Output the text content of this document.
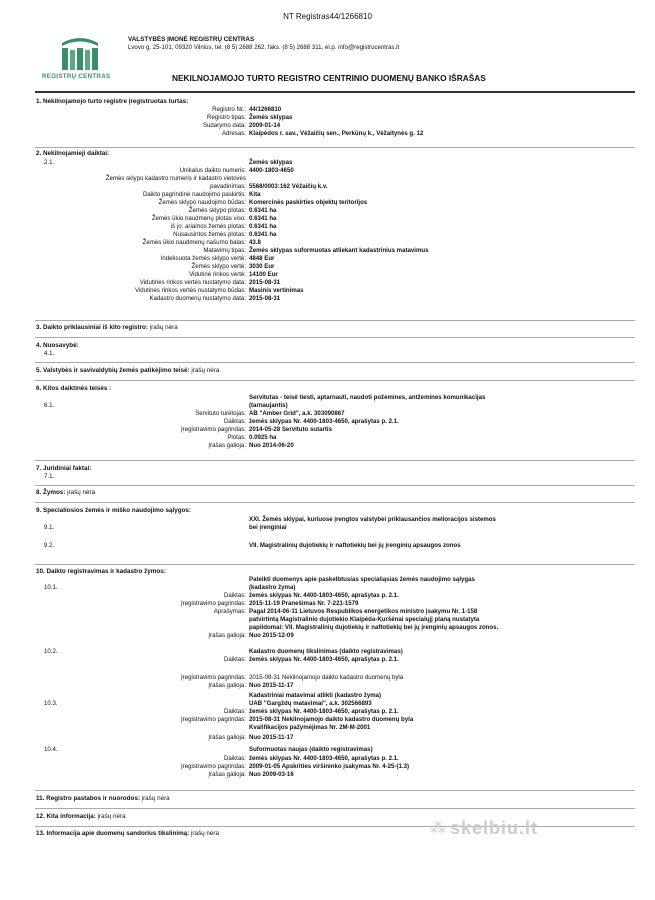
NT Registras44/1266810
REGISTRŲ CENTRAS
VALSTYBĖS ĮMONĖ REGISTRŲ CENTRAS
Lvovo g. 25-101, 09320 Vilnius, tel. (8 5) 2688 262, faks. (8 5) 2688 311, el.p. info@registrucentras.lt
NEKILNOJAMOJO TURTO REGISTRO CENTRINIO DUOMENŲ BANKO IŠRAŠAS
1. Nekilnojamojo turto registre įregistruotas turtas:
Registro Nr.: 44/1266810
Registro tipas: Žemės sklypas
Sudarymo data: 2009-01-14
Adresas: Klaipėdos r. sav., Vėžaičių sen., Perkūnų k., Vėžaitynės g. 12
2. Nekilnojamieji daiktai:
2.1.	Žemės sklypas
Unikalus daikto numeris: 4400-1803-4650
Žemės sklypo kadastro numeris ir kadastro vietovės
pavadinimas: 5568/0003:162 Vėžaičių k.v.
Daikto pagrindinė naudojimo paskirtis: Kita
Žemės sklypo naudojimo būdas: Komercinės paskirties objektų teritorijos
Žemės sklypo plotas: 0.6341 ha
Žemės ūkio naudmenų plotas viso: 0.6341 ha
iš jo: ariamos žemės plotas: 0.6341 ha
Nusausintos žemės plotas: 0.6341 ha
Žemės ūkio naudmenų našumo balas: 43.8
Matavimų tipas: Žemės sklypas suformuotas atliekant kadastrinius matavimus
Indeksuota žemės sklypo vertė: 4848 Eur
Žemės sklypo vertė: 3030 Eur
Vidutinė rinkos vertė: 14100 Eur
Vidutinės rinkos vertės nustatymo data: 2015-08-31
Vidutinės rinkos vertės nustatymo būdas: Masinis vertinimas
Kadastro duomenų nustatymo data: 2015-08-31
3. Daikto priklausiniai iš kito registro: įrašų nėra
4. Nuosavybė:
4.1.
5. Valstybės ir savivaldybių žemės patikėjimo teisė: įrašų nėra
6. Kitos daiktinės teisės :
Servitutas - teisė tiesti, aptarnauti, naudoti požemines, antžemines komunikacijas
6.1.	(tarnaujantis)
Servituto turėtojas: AB "Amber Grid", a.k. 303090867
Daiktas: žemės sklypas Nr. 4400-1803-4650, aprašytas p. 2.1.
Įregistravimo pagrindas: 2014-05-28 Servituto sutartis
Plotas: 0.0925 ha
Įrašas galioja: Nuo 2014-06-20
7. Juridiniai faktai:
7.1.
8. Žymos: įrašų nėra
9. Specialiosios žemės ir miško naudojimo sąlygos:
XXI. Žemės sklypai, kuriuose įrengtos valstybei priklausančios melioracijos sistemos
9.1.	bei įrenginiai
9.2.	VII. Magistralinių dujotiekių ir naftotiekių bei jų įrenginių apsaugos zonos
10. Daikto registravimas ir kadastro žymos:
Pateikti duomenys apie paskelbtusias specialiąsias žemės naudojimo sąlygas
10.1.	(kadastro žyma)
Daiktas: žemės sklypas Nr. 4400-1803-4650, aprašytas p. 2.1.
Įregistravimo pagrindas: 2015-11-19 Pranešimas Nr. 7-221-1579
Aprašymas: Pagal 2014-06-11 Lietuvos Respublikos energetikos ministro įsakymu Nr. 1-158
patvirtintą Magistralinio dujotiekio Klaipėda-Kuršėnai specialųjį planą nustatyta
papildomai: VII. Magistralinių dujotiekių ir naftotiekių bei jų įrenginių apsaugos zonos.
Įrašas galioja: Nuo 2015-12-09
10.2.	Kadastro duomenų tikslinimas (daikto registravimas)
Daiktas: žemės sklypas Nr. 4400-1803-4650, aprašytas p. 2.1.
Įregistravimo pagrindas: 2015-08-31 Nekilnojamojo daikto kadastro duomenų byla
Įrašas galioja: Nuo 2015-11-17
Kadastriniai matavimai atlikti (kadastro žyma)
10.3.	UAB "Gargždų matavimai", a.k. 302566893
Daiktas: žemės sklypas Nr. 4400-1803-4650, aprašytas p. 2.1.
Įregistravimo pagrindas: 2015-08-31 Nekilnojamojo daikto kadastro duomenų byla
Kvalifikacijos pažymėjimas Nr. 2M-M-2001
Įrašas galioja: Nuo 2015-11-17
10.4.	Suformuotas naujas (daikto registravimas)
Daiktas: žemės sklypas Nr. 4400-1803-4650, aprašytas p. 2.1.
Įregistravimo pagrindas: 2009-01-05 Apskrities viršininko įsakymas Nr. 4-25-(1.3)
Įrašas galioja: Nuo 2009-03-16
11. Registro pastabos ir nuorodos: įrašų nėra
12. Kita informacija: įrašų nėra
13. Informacija apie duomenų sandorius tikslinimą: įrašų nėra	⁂ skelbiu.lt
